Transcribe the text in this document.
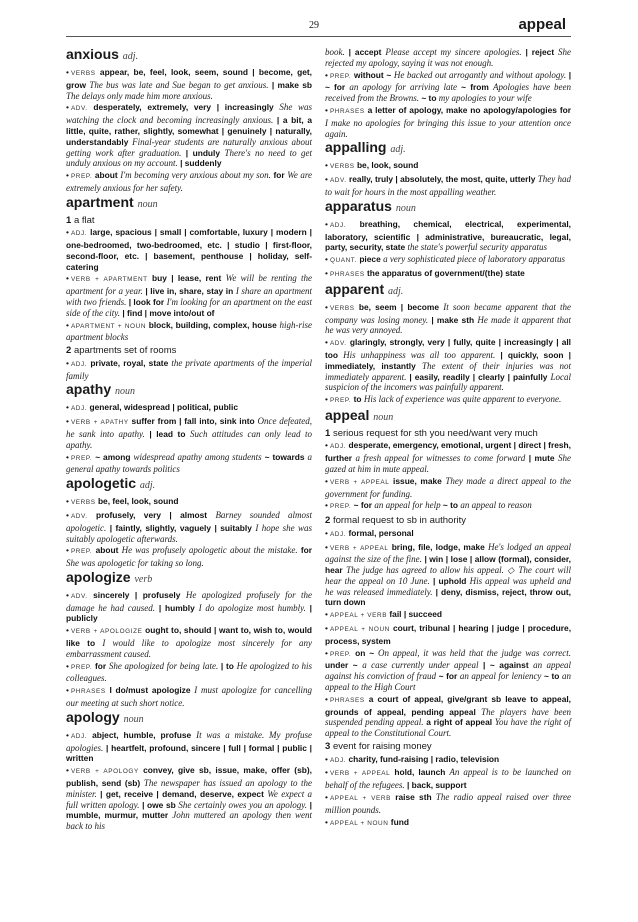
29	appeal
anxious adj.
• VERBS appear, be, feel, look, seem, sound | become, get, grow The bus was late and Sue began to get anxious. | make sb The delays only made him more anxious.
• ADV. desperately, extremely, very | increasingly She was watching the clock and becoming increasingly anxious. | a bit, a little, quite, rather, slightly, somewhat | genuinely | naturally, understandably Final-year students are naturally anxious about getting work after graduation. | unduly There's no need to get unduly anxious on my account. | suddenly
• PREP. about I'm becoming very anxious about my son. for We are extremely anxious for her safety.
apartment noun
1 a flat
• ADJ. large, spacious | small | comfortable, luxury | modern | one-bedroomed, two-bedroomed, etc. | studio | first-floor, second-floor, etc. | basement, penthouse | holiday, self-catering
• VERB + APARTMENT buy | lease, rent We will be renting the apartment for a year. | live in, share, stay in I share an apartment with two friends. | look for I'm looking for an apartment on the east side of the city. | find | move into/out of
• APARTMENT + NOUN block, building, complex, house high-rise apartment blocks
2 apartments set of rooms
• ADJ. private, royal, state the private apartments of the imperial family
apathy noun
• ADJ. general, widespread | political, public
• VERB + APATHY suffer from | fall into, sink into Once defeated, he sank into apathy. | lead to Such attitudes can only lead to apathy.
• PREP. ~ among widespread apathy among students ~ towards a general apathy towards politics
apologetic adj.
• VERBS be, feel, look, sound
• ADV. profusely, very | almost Barney sounded almost apologetic. | faintly, slightly, vaguely | suitably I hope she was suitably apologetic afterwards.
• PREP. about He was profusely apologetic about the mistake. for She was apologetic for taking so long.
apologize verb
• ADV. sincerely | profusely He apologized profusely for the damage he had caused. | humbly I do apologize most humbly. | publicly
• VERB + APOLOGIZE ought to, should | want to, wish to, would like to I would like to apologize most sincerely for any embarrassment caused.
• PREP. for She apologized for being late. | to He apologized to his colleagues.
• PHRASES I do/must apologize I must apologize for cancelling our meeting at such short notice.
apology noun
• ADJ. abject, humble, profuse It was a mistake. My profuse apologies. | heartfelt, profound, sincere | full | formal | public | written
• VERB + APOLOGY convey, give sb, issue, make, offer (sb), publish, send (sb) The newspaper has issued an apology to the minister. | get, receive | demand, deserve, expect We expect a full written apology. | owe sb She certainly owes you an apology. | mumble, murmur, mutter John muttered an apology then went back to his
book. | accept Please accept my sincere apologies. | reject She rejected my apology, saying it was not enough.
• PREP. without ~ He backed out arrogantly and without apology. | ~ for an apology for arriving late ~ from Apologies have been received from the Browns. ~ to my apologies to your wife
• PHRASES a letter of apology, make no apology/apologies for I make no apologies for bringing this issue to your attention once again.
appalling adj.
• VERBS be, look, sound
• ADV. really, truly | absolutely, the most, quite, utterly They had to wait for hours in the most appalling weather.
apparatus noun
• ADJ. breathing, chemical, electrical, experimental, laboratory, scientific | administrative, bureaucratic, legal, party, security, state the state's powerful security apparatus
• QUANT. piece a very sophisticated piece of laboratory apparatus
• PHRASES the apparatus of government/(the) state
apparent adj.
• VERBS be, seem | become It soon became apparent that the company was losing money. | make sth He made it apparent that he was very annoyed.
• ADV. glaringly, strongly, very | fully, quite | increasingly | all too His unhappiness was all too apparent. | quickly, soon | immediately, instantly The extent of their injuries was not immediately apparent. | easily, readily | clearly | painfully Local suspicion of the incomers was painfully apparent.
• PREP. to His lack of experience was quite apparent to everyone.
appeal noun
1 serious request for sth you need/want very much
• ADJ. desperate, emergency, emotional, urgent | direct | fresh, further a fresh appeal for witnesses to come forward | mute She gazed at him in mute appeal.
• VERB + APPEAL issue, make They made a direct appeal to the government for funding.
• PREP. ~ for an appeal for help ~ to an appeal to reason
2 formal request to sb in authority
• ADJ. formal, personal
• VERB + APPEAL bring, file, lodge, make He's lodged an appeal against the size of the fine. | win | lose | allow (formal), consider, hear The judge has agreed to allow his appeal. ◇ The court will hear the appeal on 10 June. | uphold His appeal was upheld and he was released immediately. | deny, dismiss, reject, throw out, turn down
• APPEAL + VERB fail | succeed
• APPEAL + NOUN court, tribunal | hearing | judge | procedure, process, system
• PREP. on ~ On appeal, it was held that the judge was correct. under ~ a case currently under appeal | ~ against an appeal against his conviction of fraud ~ for an appeal for leniency ~ to an appeal to the High Court
• PHRASES a court of appeal, give/grant sb leave to appeal, grounds of appeal, pending appeal The players have been suspended pending appeal. a right of appeal You have the right of appeal to the Constitutional Court.
3 event for raising money
• ADJ. charity, fund-raising | radio, television
• VERB + APPEAL hold, launch An appeal is to be launched on behalf of the refugees. | back, support
• APPEAL + VERB raise sth The radio appeal raised over three million pounds.
• APPEAL + NOUN fund
